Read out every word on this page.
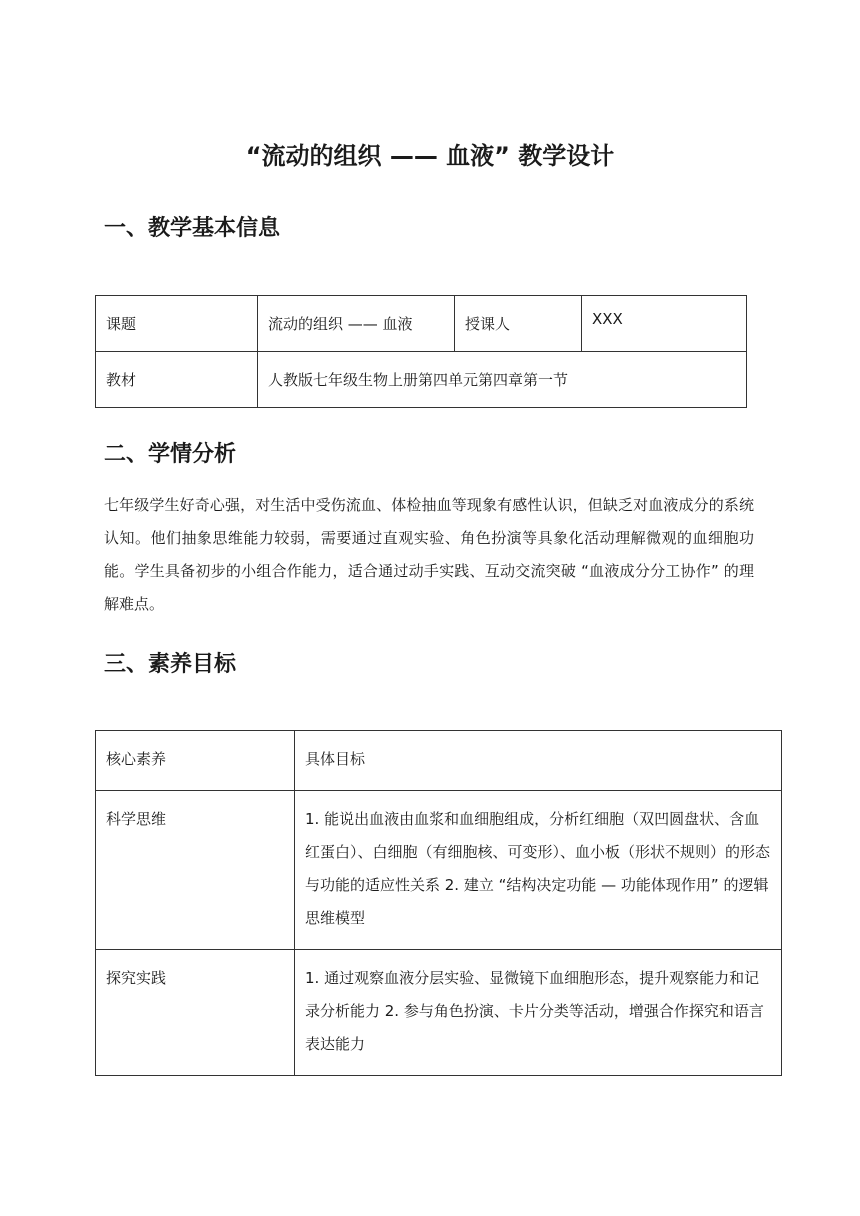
“流动的组织 —— 血液” 教学设计
一、教学基本信息
课题	流动的组织 —— 血液	授课人	XXX
教材	人教版七年级生物上册第四单元第四章第一节		
二、学情分析

七年级学生好奇心强，对生活中受伤流血、体检抽血等现象有感性认识，但缺乏对血液成分的系统认知。他们抽象思维能力较弱，需要通过直观实验、角色扮演等具象化活动理解微观的血细胞功能。学生具备初步的小组合作能力，适合通过动手实践、互动交流突破 “血液成分分工协作” 的理解难点。

三、素养目标
核心素养	具体目标
科学思维	1. 能说出血液由血浆和血细胞组成，分析红细胞（双凹圆盘状、含血红蛋白）、白细胞（有细胞核、可变形）、血小板（形状不规则）的形态与功能的适应性关系 2. 建立 “结构决定功能 — 功能体现作用” 的逻辑思维模型
探究实践	1. 通过观察血液分层实验、显微镜下血细胞形态，提升观察能力和记录分析能力 2. 参与角色扮演、卡片分类等活动，增强合作探究和语言表达能力
